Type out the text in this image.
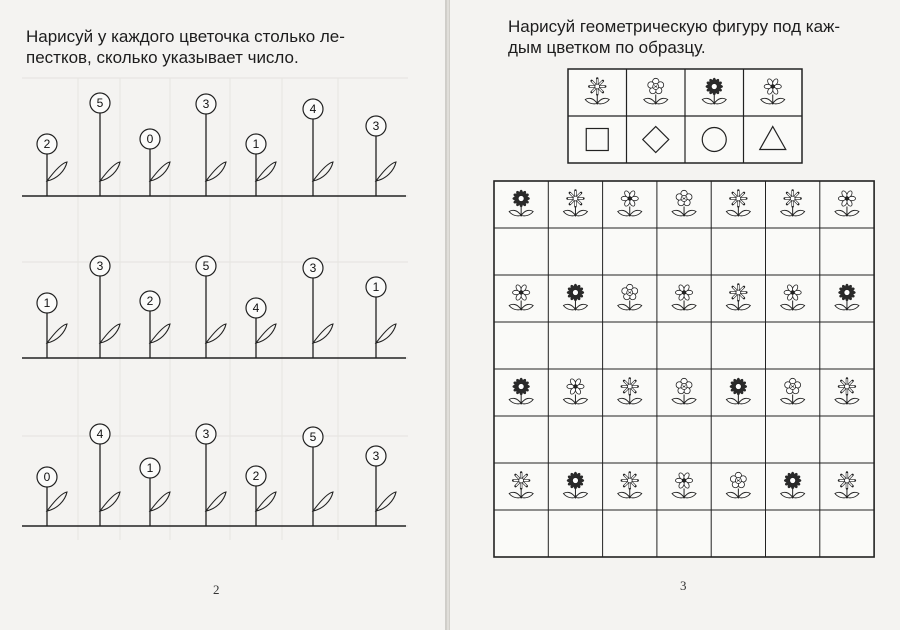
Нарисуй у каждого цветочка столько ле-
пестков, сколько указывает число.
2
5
0
3
1
4
3
1
3
2
5
4
3
1
0
4
1
3
2
5
3
2
Нарисуй геометрическую фигуру под каж-
дым цветком по образцу.
3
